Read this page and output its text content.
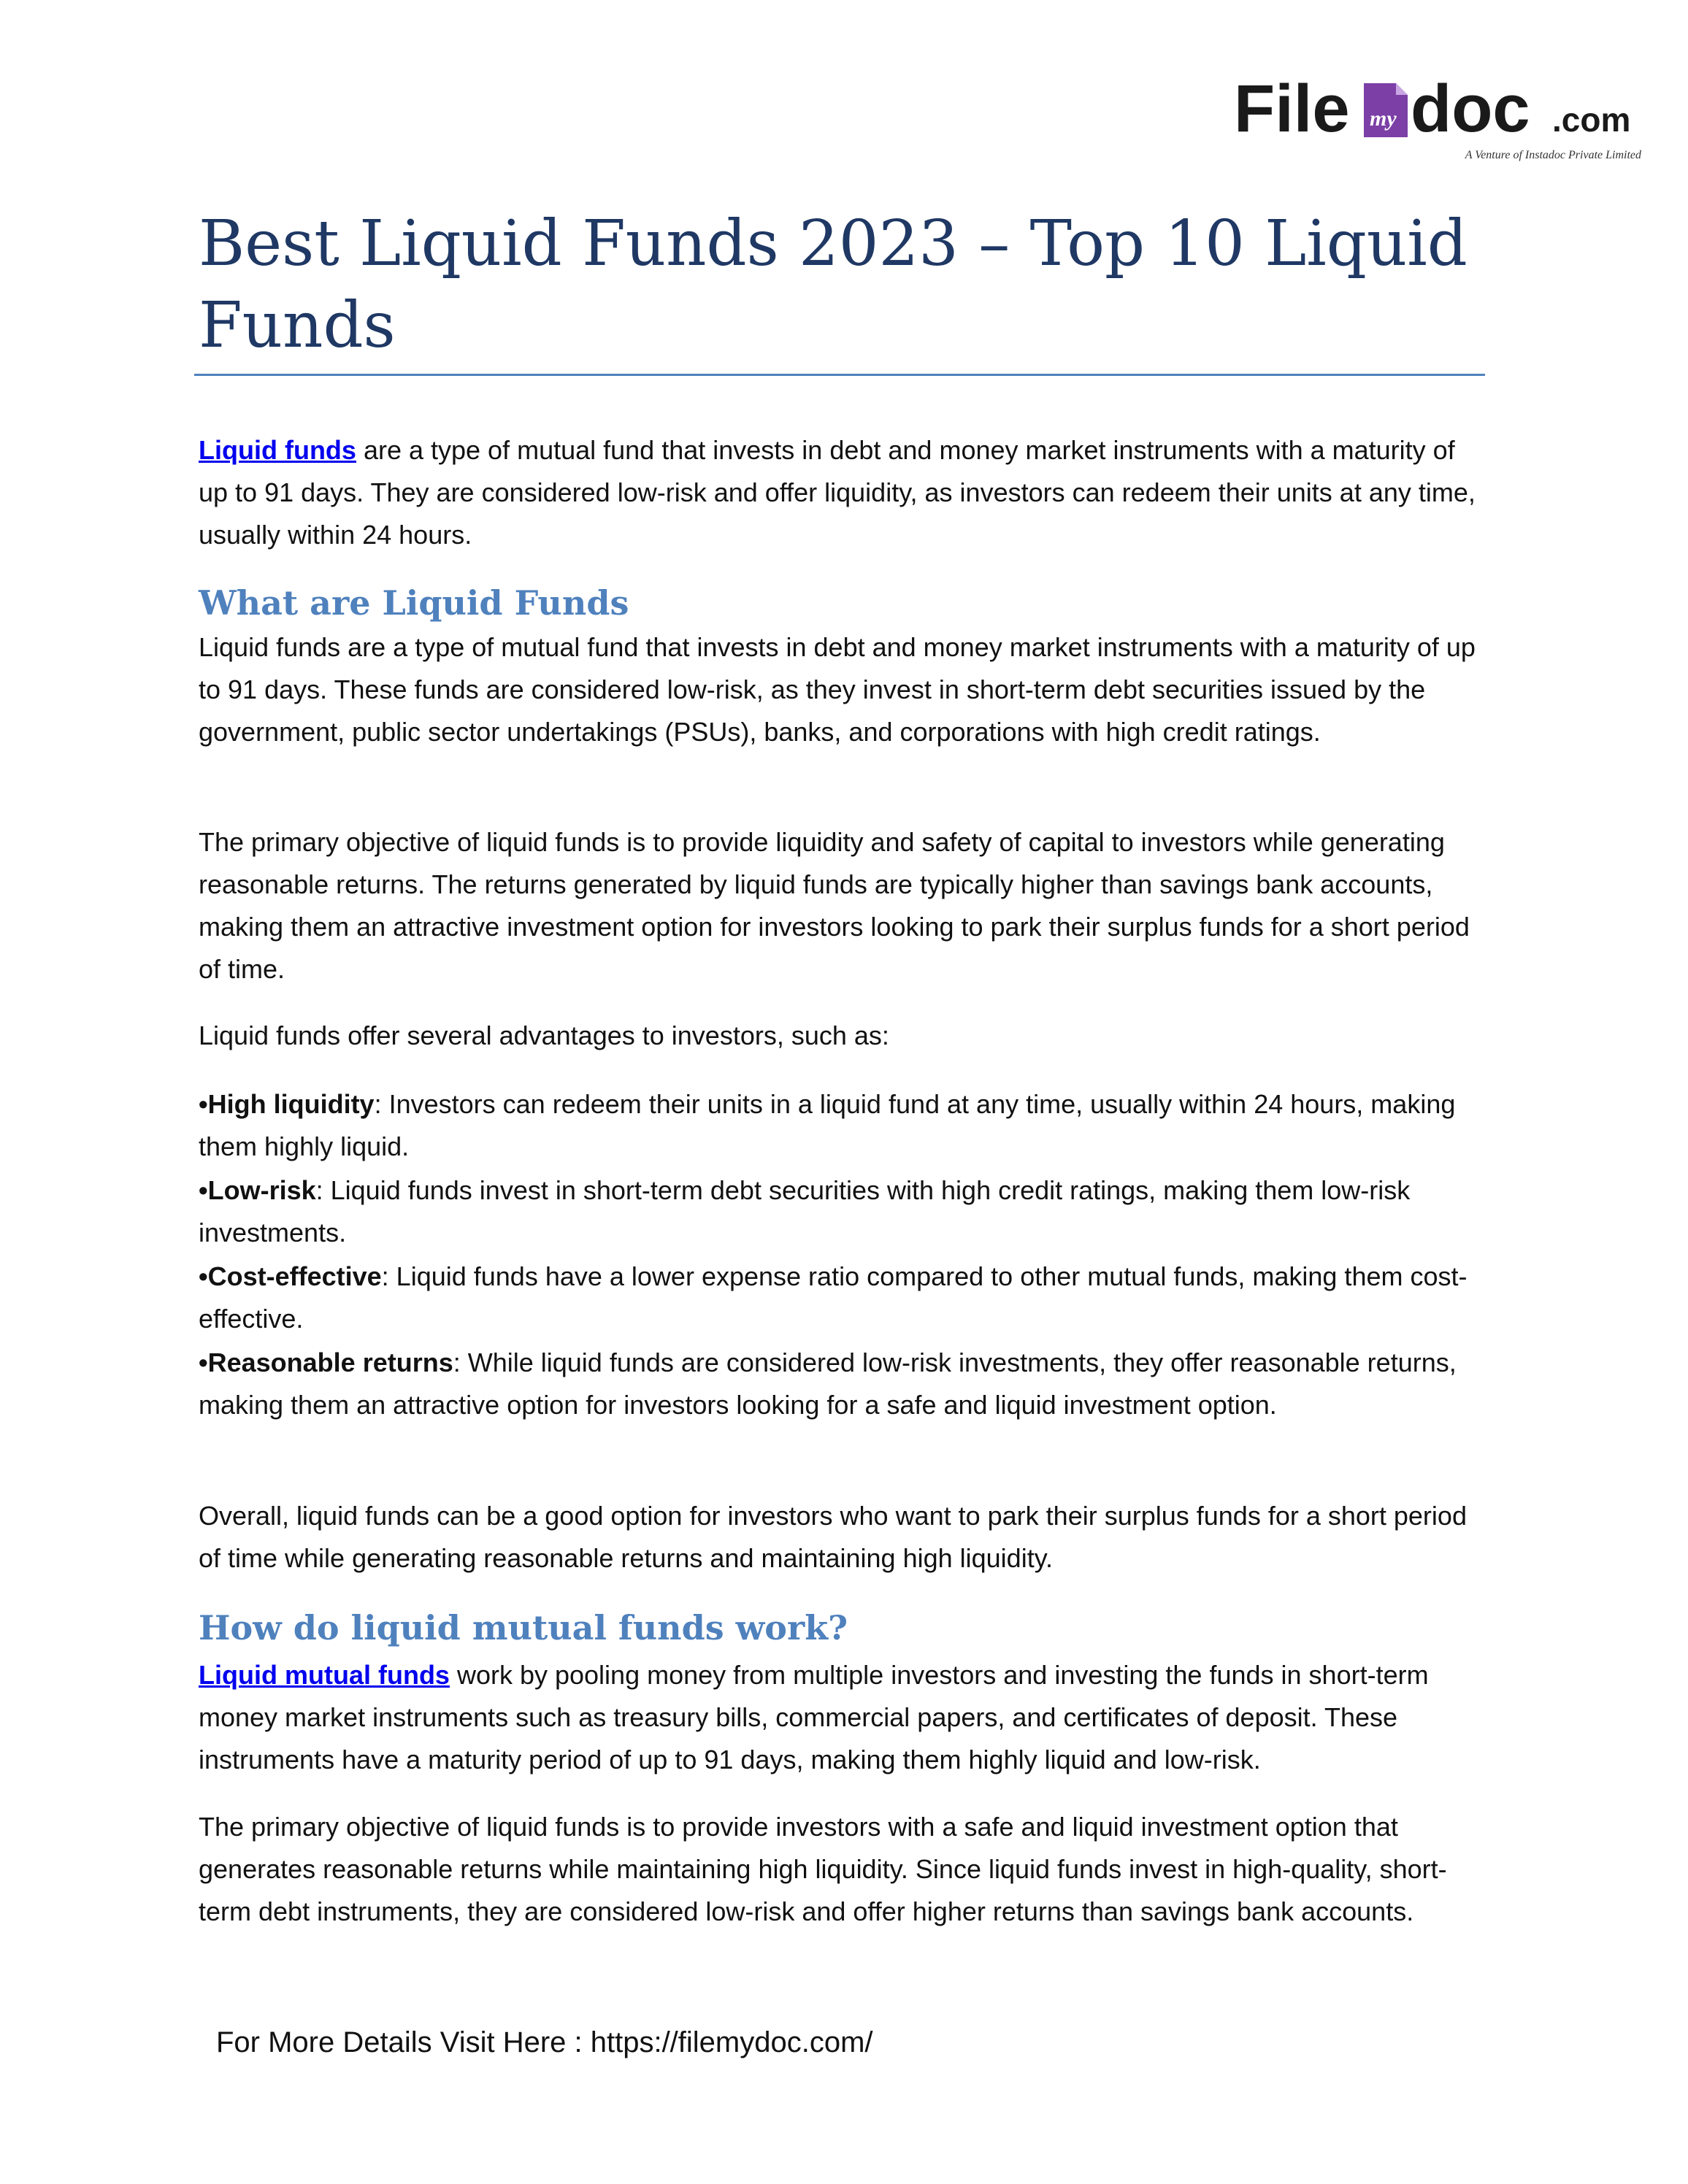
File my doc .com
A Venture of Instadoc Private Limited
Best Liquid Funds 2023 – Top 10 Liquid Funds

Liquid funds are a type of mutual fund that invests in debt and money market instruments with a maturity of up to 91 days. They are considered low-risk and offer liquidity, as investors can redeem their units at any time, usually within 24 hours.

What are Liquid Funds

Liquid funds are a type of mutual fund that invests in debt and money market instruments with a maturity of up to 91 days. These funds are considered low-risk, as they invest in short-term debt securities issued by the government, public sector undertakings (PSUs), banks, and corporations with high credit ratings.

The primary objective of liquid funds is to provide liquidity and safety of capital to investors while generating reasonable returns. The returns generated by liquid funds are typically higher than savings bank accounts, making them an attractive investment option for investors looking to park their surplus funds for a short period of time.

Liquid funds offer several advantages to investors, such as:

•High liquidity: Investors can redeem their units in a liquid fund at any time, usually within 24 hours, making them highly liquid.
•Low-risk: Liquid funds invest in short-term debt securities with high credit ratings, making them low-risk investments.
•Cost-effective: Liquid funds have a lower expense ratio compared to other mutual funds, making them cost-effective.
•Reasonable returns: While liquid funds are considered low-risk investments, they offer reasonable returns, making them an attractive option for investors looking for a safe and liquid investment option.

Overall, liquid funds can be a good option for investors who want to park their surplus funds for a short period of time while generating reasonable returns and maintaining high liquidity.

How do liquid mutual funds work?

Liquid mutual funds work by pooling money from multiple investors and investing the funds in short-term money market instruments such as treasury bills, commercial papers, and certificates of deposit. These instruments have a maturity period of up to 91 days, making them highly liquid and low-risk.

The primary objective of liquid funds is to provide investors with a safe and liquid investment option that generates reasonable returns while maintaining high liquidity. Since liquid funds invest in high-quality, short-term debt instruments, they are considered low-risk and offer higher returns than savings bank accounts.

For More Details Visit Here : https://filemydoc.com/
